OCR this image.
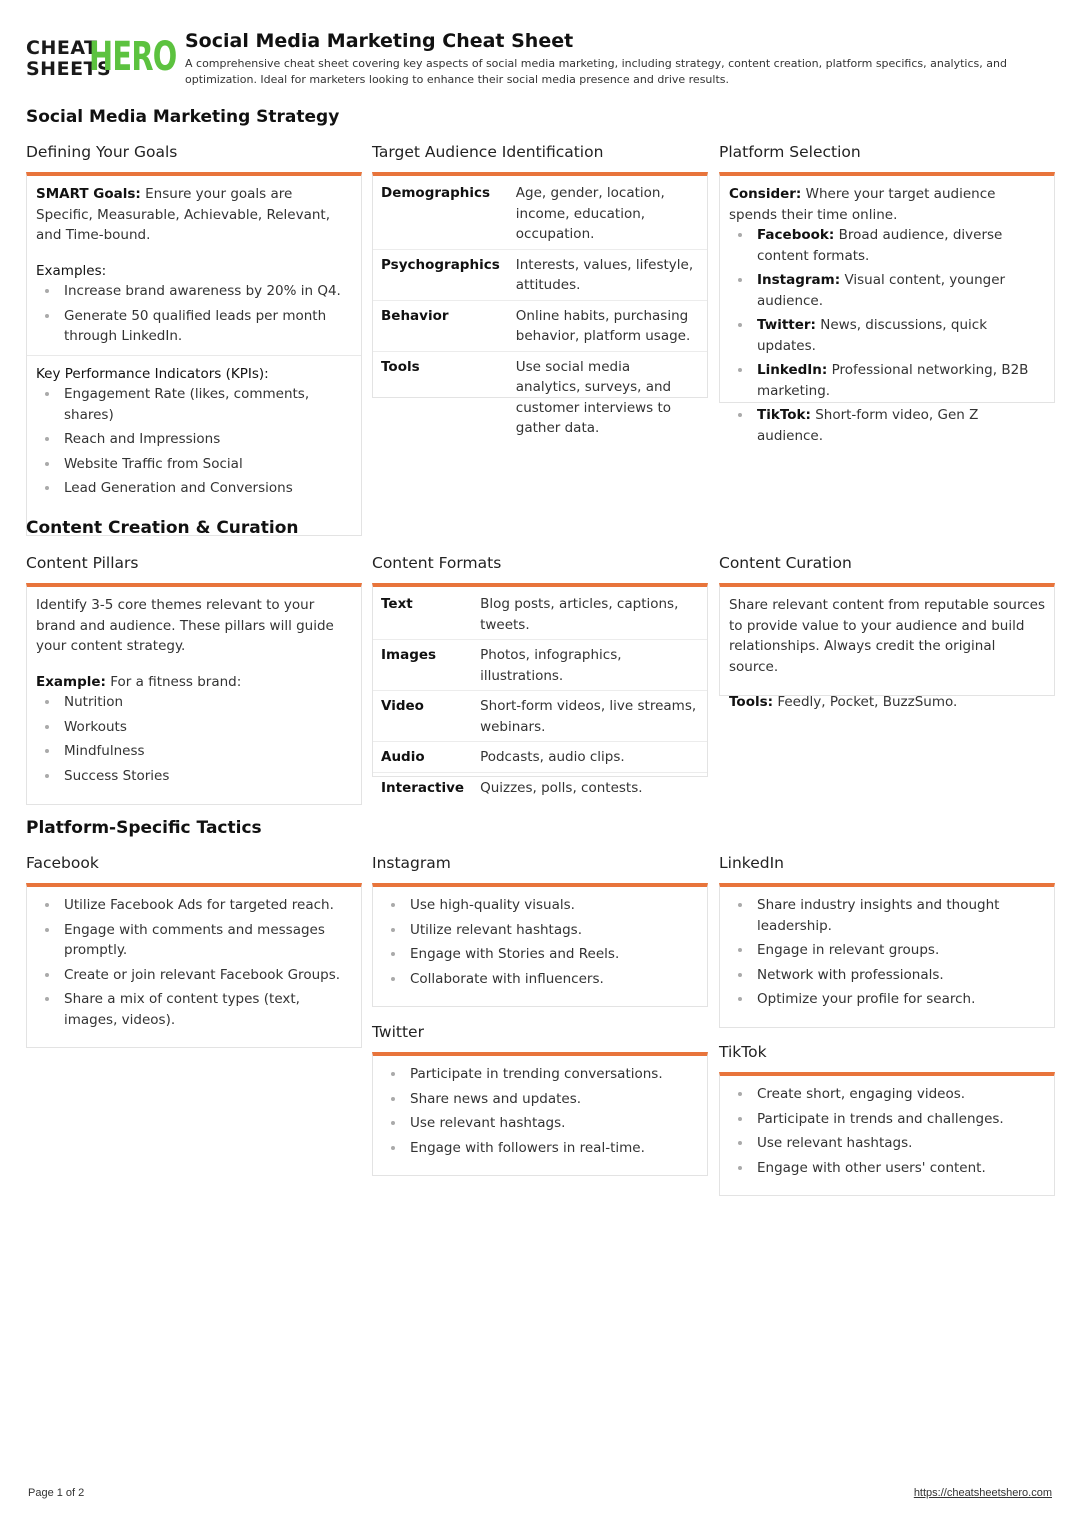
CHEAT
SHEETS
HERO Social Media Marketing Cheat Sheet
A comprehensive cheat sheet covering key aspects of social media marketing, including strategy, content creation, platform specifics, analytics, and optimization. Ideal for marketers looking to enhance their social media presence and drive results.
Social Media Marketing Strategy
Defining Your Goals

SMART Goals: Ensure your goals are Specific, Measurable, Achievable, Relevant, and Time-bound.

Examples:

Increase brand awareness by 20% in Q4.
Generate 50 qualified leads per month through LinkedIn.

Key Performance Indicators (KPIs):

Engagement Rate (likes, comments, shares)
Reach and Impressions
Website Traffic from Social
Lead Generation and Conversions
Target Audience Identification
Demographics	Age, gender, location, income, education, occupation.
Psychographics	Interests, values, lifestyle, attitudes.
Behavior	Online habits, purchasing behavior, platform usage.
Tools	Use social media analytics, surveys, and customer interviews to gather data.
Platform Selection

Consider: Where your target audience spends their time online.

Facebook: Broad audience, diverse content formats.
Instagram: Visual content, younger audience.
Twitter: News, discussions, quick updates.
LinkedIn: Professional networking, B2B marketing.
TikTok: Short-form video, Gen Z audience.
Content Creation & Curation
Content Pillars

Identify 3-5 core themes relevant to your brand and audience. These pillars will guide your content strategy.

Example: For a fitness brand:

Nutrition
Workouts
Mindfulness
Success Stories
Content Formats
Text	Blog posts, articles, captions, tweets.
Images	Photos, infographics, illustrations.
Video	Short-form videos, live streams, webinars.
Audio	Podcasts, audio clips.
Interactive	Quizzes, polls, contests.
Content Curation

Share relevant content from reputable sources to provide value to your audience and build relationships. Always credit the original source.

Tools: Feedly, Pocket, BuzzSumo.

Platform-Specific Tactics
Facebook
Utilize Facebook Ads for targeted reach.
Engage with comments and messages promptly.
Create or join relevant Facebook Groups.
Share a mix of content types (text, images, videos).
Instagram
Use high-quality visuals.
Utilize relevant hashtags.
Engage with Stories and Reels.
Collaborate with influencers.
Twitter
Participate in trending conversations.
Share news and updates.
Use relevant hashtags.
Engage with followers in real-time.
LinkedIn
Share industry insights and thought leadership.
Engage in relevant groups.
Network with professionals.
Optimize your profile for search.
TikTok
Create short, engaging videos.
Participate in trends and challenges.
Use relevant hashtags.
Engage with other users' content.
Page 1 of 2	https://cheatsheetshero.com
